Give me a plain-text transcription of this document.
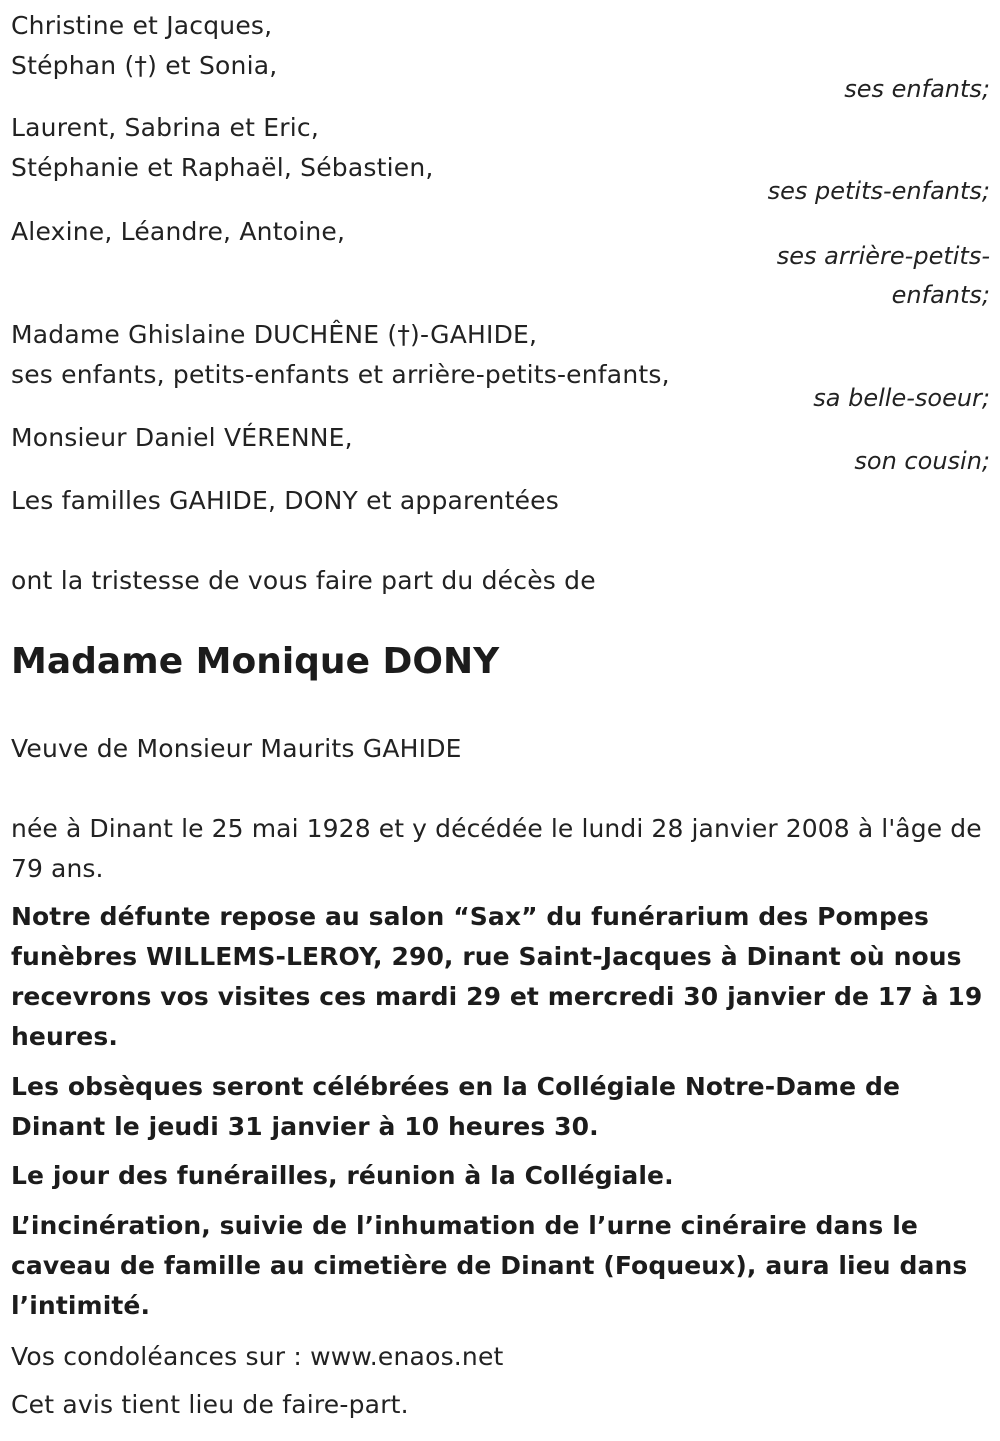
Christine et Jacques,
Stéphan (†) et Sonia,
ses enfants;
Laurent, Sabrina et Eric,
Stéphanie et Raphaël, Sébastien,
ses petits-enfants;
Alexine, Léandre, Antoine,
ses arrière-petits-
enfants;
Madame Ghislaine DUCHÊNE (†)-GAHIDE,
ses enfants, petits-enfants et arrière-petits-enfants,
sa belle-soeur;
Monsieur Daniel VÉRENNE,
son cousin;
Les familles GAHIDE, DONY et apparentées
ont la tristesse de vous faire part du décès de
Madame Monique DONY
Veuve de Monsieur Maurits GAHIDE
née à Dinant le 25 mai 1928 et y décédée le lundi 28 janvier 2008 à l'âge de 79 ans.
Notre défunte repose au salon “Sax” du funérarium des Pompes funèbres WILLEMS-LEROY, 290, rue Saint-Jacques à Dinant où nous recevrons vos visites ces mardi 29 et mercredi 30 janvier de 17 à 19 heures.
Les obsèques seront célébrées en la Collégiale Notre-Dame de Dinant le jeudi 31 janvier à 10 heures 30.
Le jour des funérailles, réunion à la Collégiale.
L’incinération, suivie de l’inhumation de l’urne cinéraire dans le caveau de famille au cimetière de Dinant (Foqueux), aura lieu dans l’intimité.
Vos condoléances sur : www.enaos.net
Cet avis tient lieu de faire-part.
